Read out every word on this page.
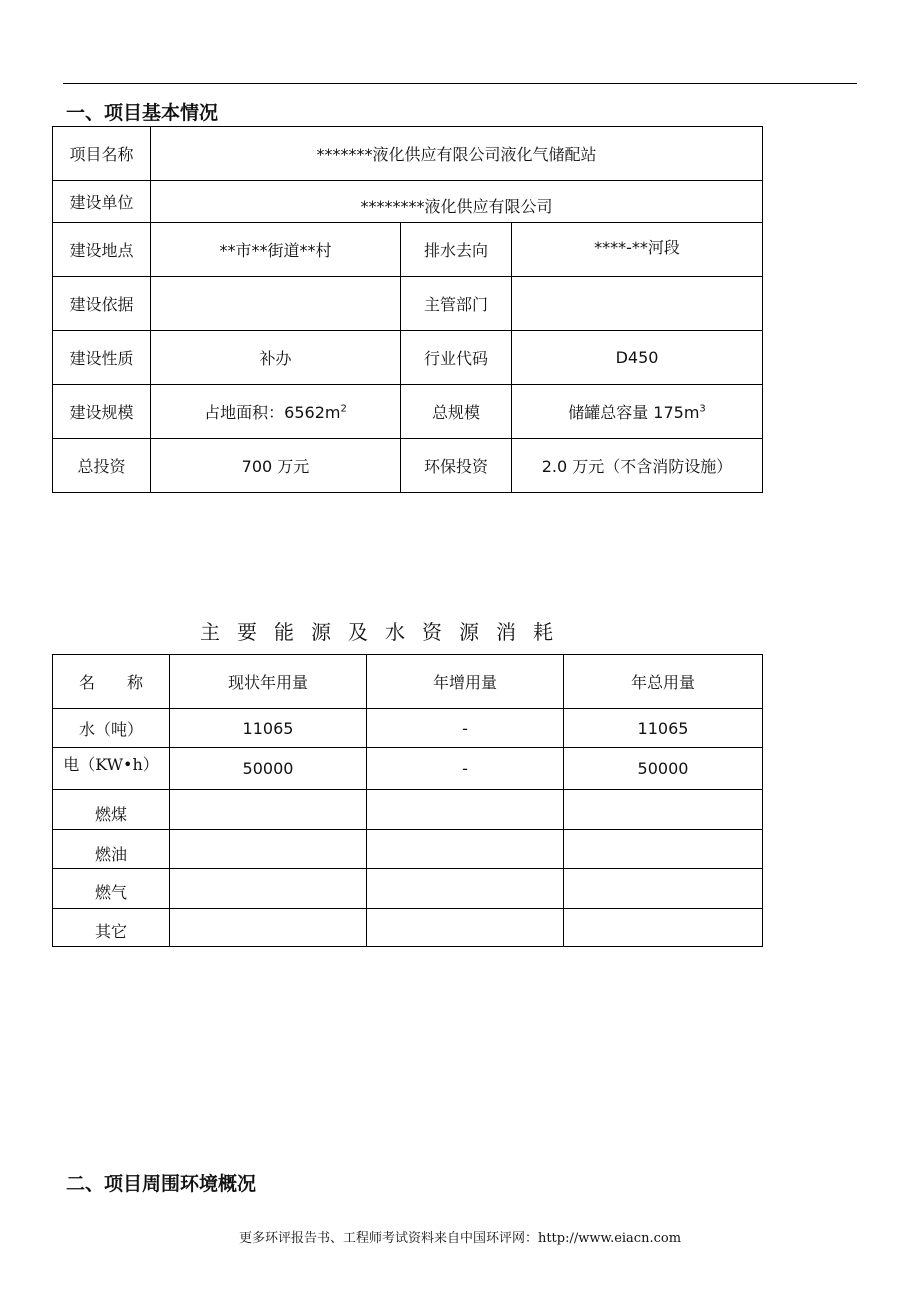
一、项目基本情况
项目名称	*******液化供应有限公司液化气储配站		
建设单位	********液化供应有限公司		
建设地点	**市**街道**村	排水去向	****-**河段
建设依据		主管部门	
建设性质	补办	行业代码	D450
建设规模	占地面积：$6562m^2$	总规模	储罐总容量 $175m^3$
总投资	700 万元	环保投资	2.0 万元（不含消防设施）
zixin.com.cn
主要能源及水资源消耗
名　　称	现状年用量	年增用量	年总用量
水（吨）	11065	-	11065
电（KW•h）	50000	-	50000
燃煤			
燃油			
燃气			
其它			
二、项目周围环境概况
更多环评报告书、工程师考试资料来自中国环评网：http://www.eiacn.com
